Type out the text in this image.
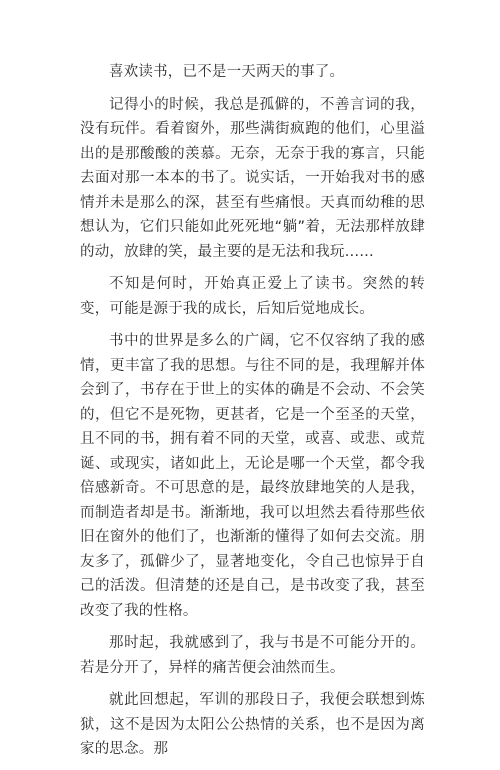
喜欢读书，已不是一天两天的事了。

记得小的时候，我总是孤僻的，不善言词的我，没有玩伴。看着窗外，那些满街疯跑的他们，心里溢出的是那酸酸的羡慕。无奈，无奈于我的寡言，只能去面对那一本本的书了。说实话，一开始我对书的感情并未是那么的深，甚至有些痛恨。天真而幼稚的思想认为，它们只能如此死死地“躺”着，无法那样放肆的动，放肆的笑，最主要的是无法和我玩……

不知是何时，开始真正爱上了读书。突然的转变，可能是源于我的成长，后知后觉地成长。

书中的世界是多么的广阔，它不仅容纳了我的感情，更丰富了我的思想。与往不同的是，我理解并体会到了，书存在于世上的实体的确是不会动、不会笑的，但它不是死物，更甚者，它是一个至圣的天堂，且不同的书，拥有着不同的天堂，或喜、或悲、或荒诞、或现实，诸如此上，无论是哪一个天堂，都令我倍感新奇。不可思意的是，最终放肆地笑的人是我，而制造者却是书。渐渐地，我可以坦然去看待那些依旧在窗外的他们了，也渐渐的懂得了如何去交流。朋友多了，孤僻少了，显著地变化，令自己也惊异于自己的活泼。但清楚的还是自己，是书改变了我，甚至改变了我的性格。

那时起，我就感到了，我与书是不可能分开的。若是分开了，异样的痛苦便会油然而生。

就此回想起，军训的那段日子，我便会联想到炼狱，这不是因为太阳公公热情的关系，也不是因为离家的思念。那
